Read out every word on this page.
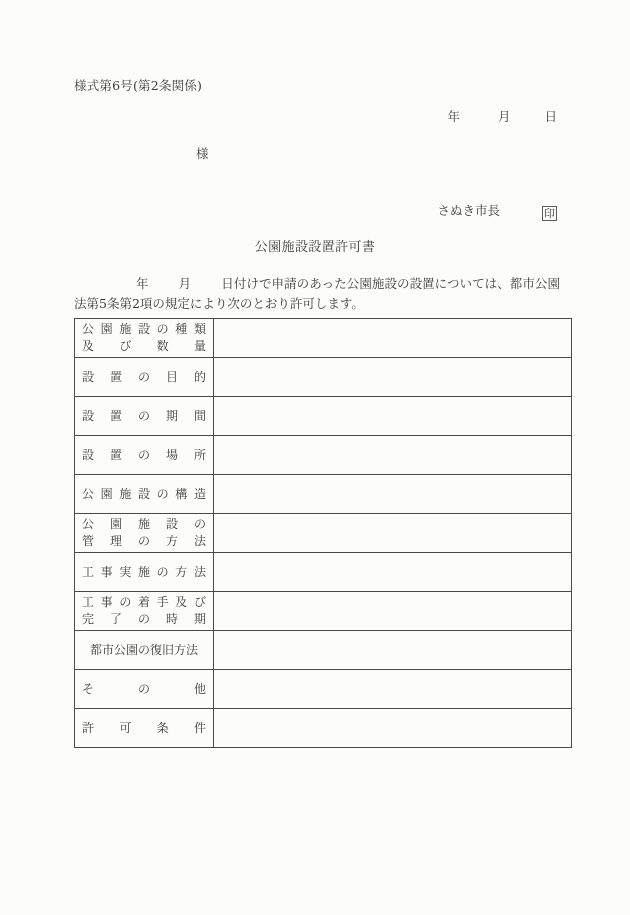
様式第6号(第2条関係)
年	月	日
様
さぬき市長	印
公園施設設置許可書
年 月 日付けで申請のあった公園施設の設置については、都市公園法第5条第2項の規定により次のとおり許可します。
公 園 施 設 の 種 類
及 び 数 量

設 置 の 目 的	

設 置 の 期 間	

設 置 の 場 所	

公 園 施 設 の 構 造

公 園 施 設 の
管 理 の 方 法

工 事 実 施 の 方 法

工 事 の 着 手 及 び
完 了 の 時 期

都市公園の復旧方法	

そ の 他	

許 可 条 件	
